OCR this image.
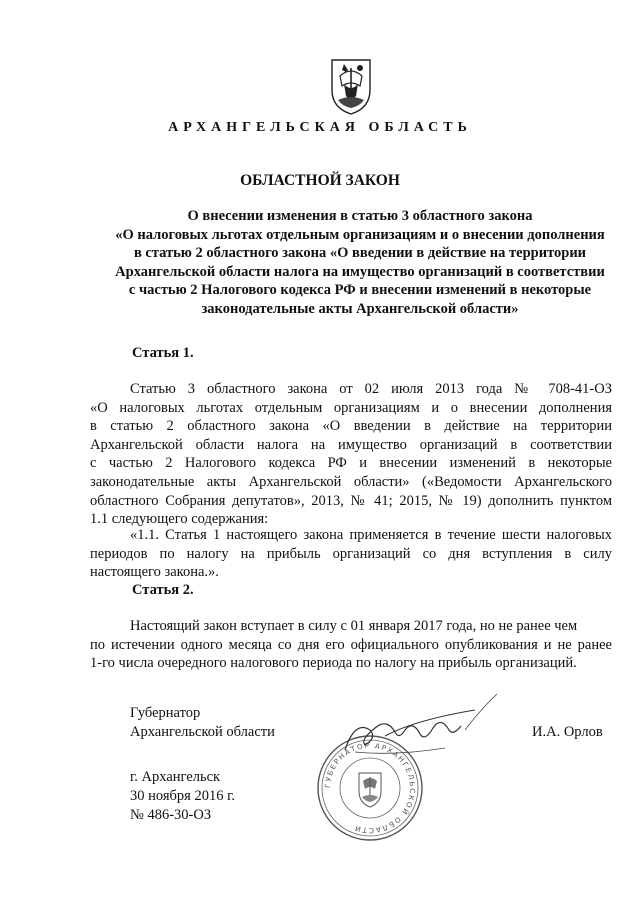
АРХАНГЕЛЬСКАЯ ОБЛАСТЬ
ОБЛАСТНОЙ ЗАКОН
О внесении изменения в статью 3 областного закона
«О налоговых льготах отдельным организациям и о внесении дополнения
в статью 2 областного закона «О введении в действие на территории
Архангельской области налога на имущество организаций в соответствии
с частью 2 Налогового кодекса РФ и внесении изменений в некоторые
законодательные акты Архангельской области»
Статья 1.
Статью 3 областного закона от 02 июля 2013 года № 708-41-ОЗ
«О налоговых льготах отдельным организациям и о внесении дополнения
в статью 2 областного закона «О введении в действие на территории
Архангельской области налога на имущество организаций в соответствии
с частью 2 Налогового кодекса РФ и внесении изменений в некоторые
законодательные акты Архангельской области» («Ведомости Архангельского
областного Собрания депутатов», 2013, № 41; 2015, № 19) дополнить пунктом
1.1 следующего содержания:
«1.1. Статья 1 настоящего закона применяется в течение шести налоговых
периодов по налогу на прибыль организаций со дня вступления в силу
настоящего закона.».
Статья 2.
Настоящий закон вступает в силу с 01 января 2017 года, но не ранее чем
по истечении одного месяца со дня его официального опубликования и не ранее
1-го числа очередного налогового периода по налогу на прибыль организаций.
Губернатор
Архангельской области	И.А. Орлов
ГУБЕРНАТОР АРХАНГЕЛЬСКОЙ ОБЛАСТИ
г. Архангельск
30 ноября 2016 г.
№ 486-30-ОЗ
